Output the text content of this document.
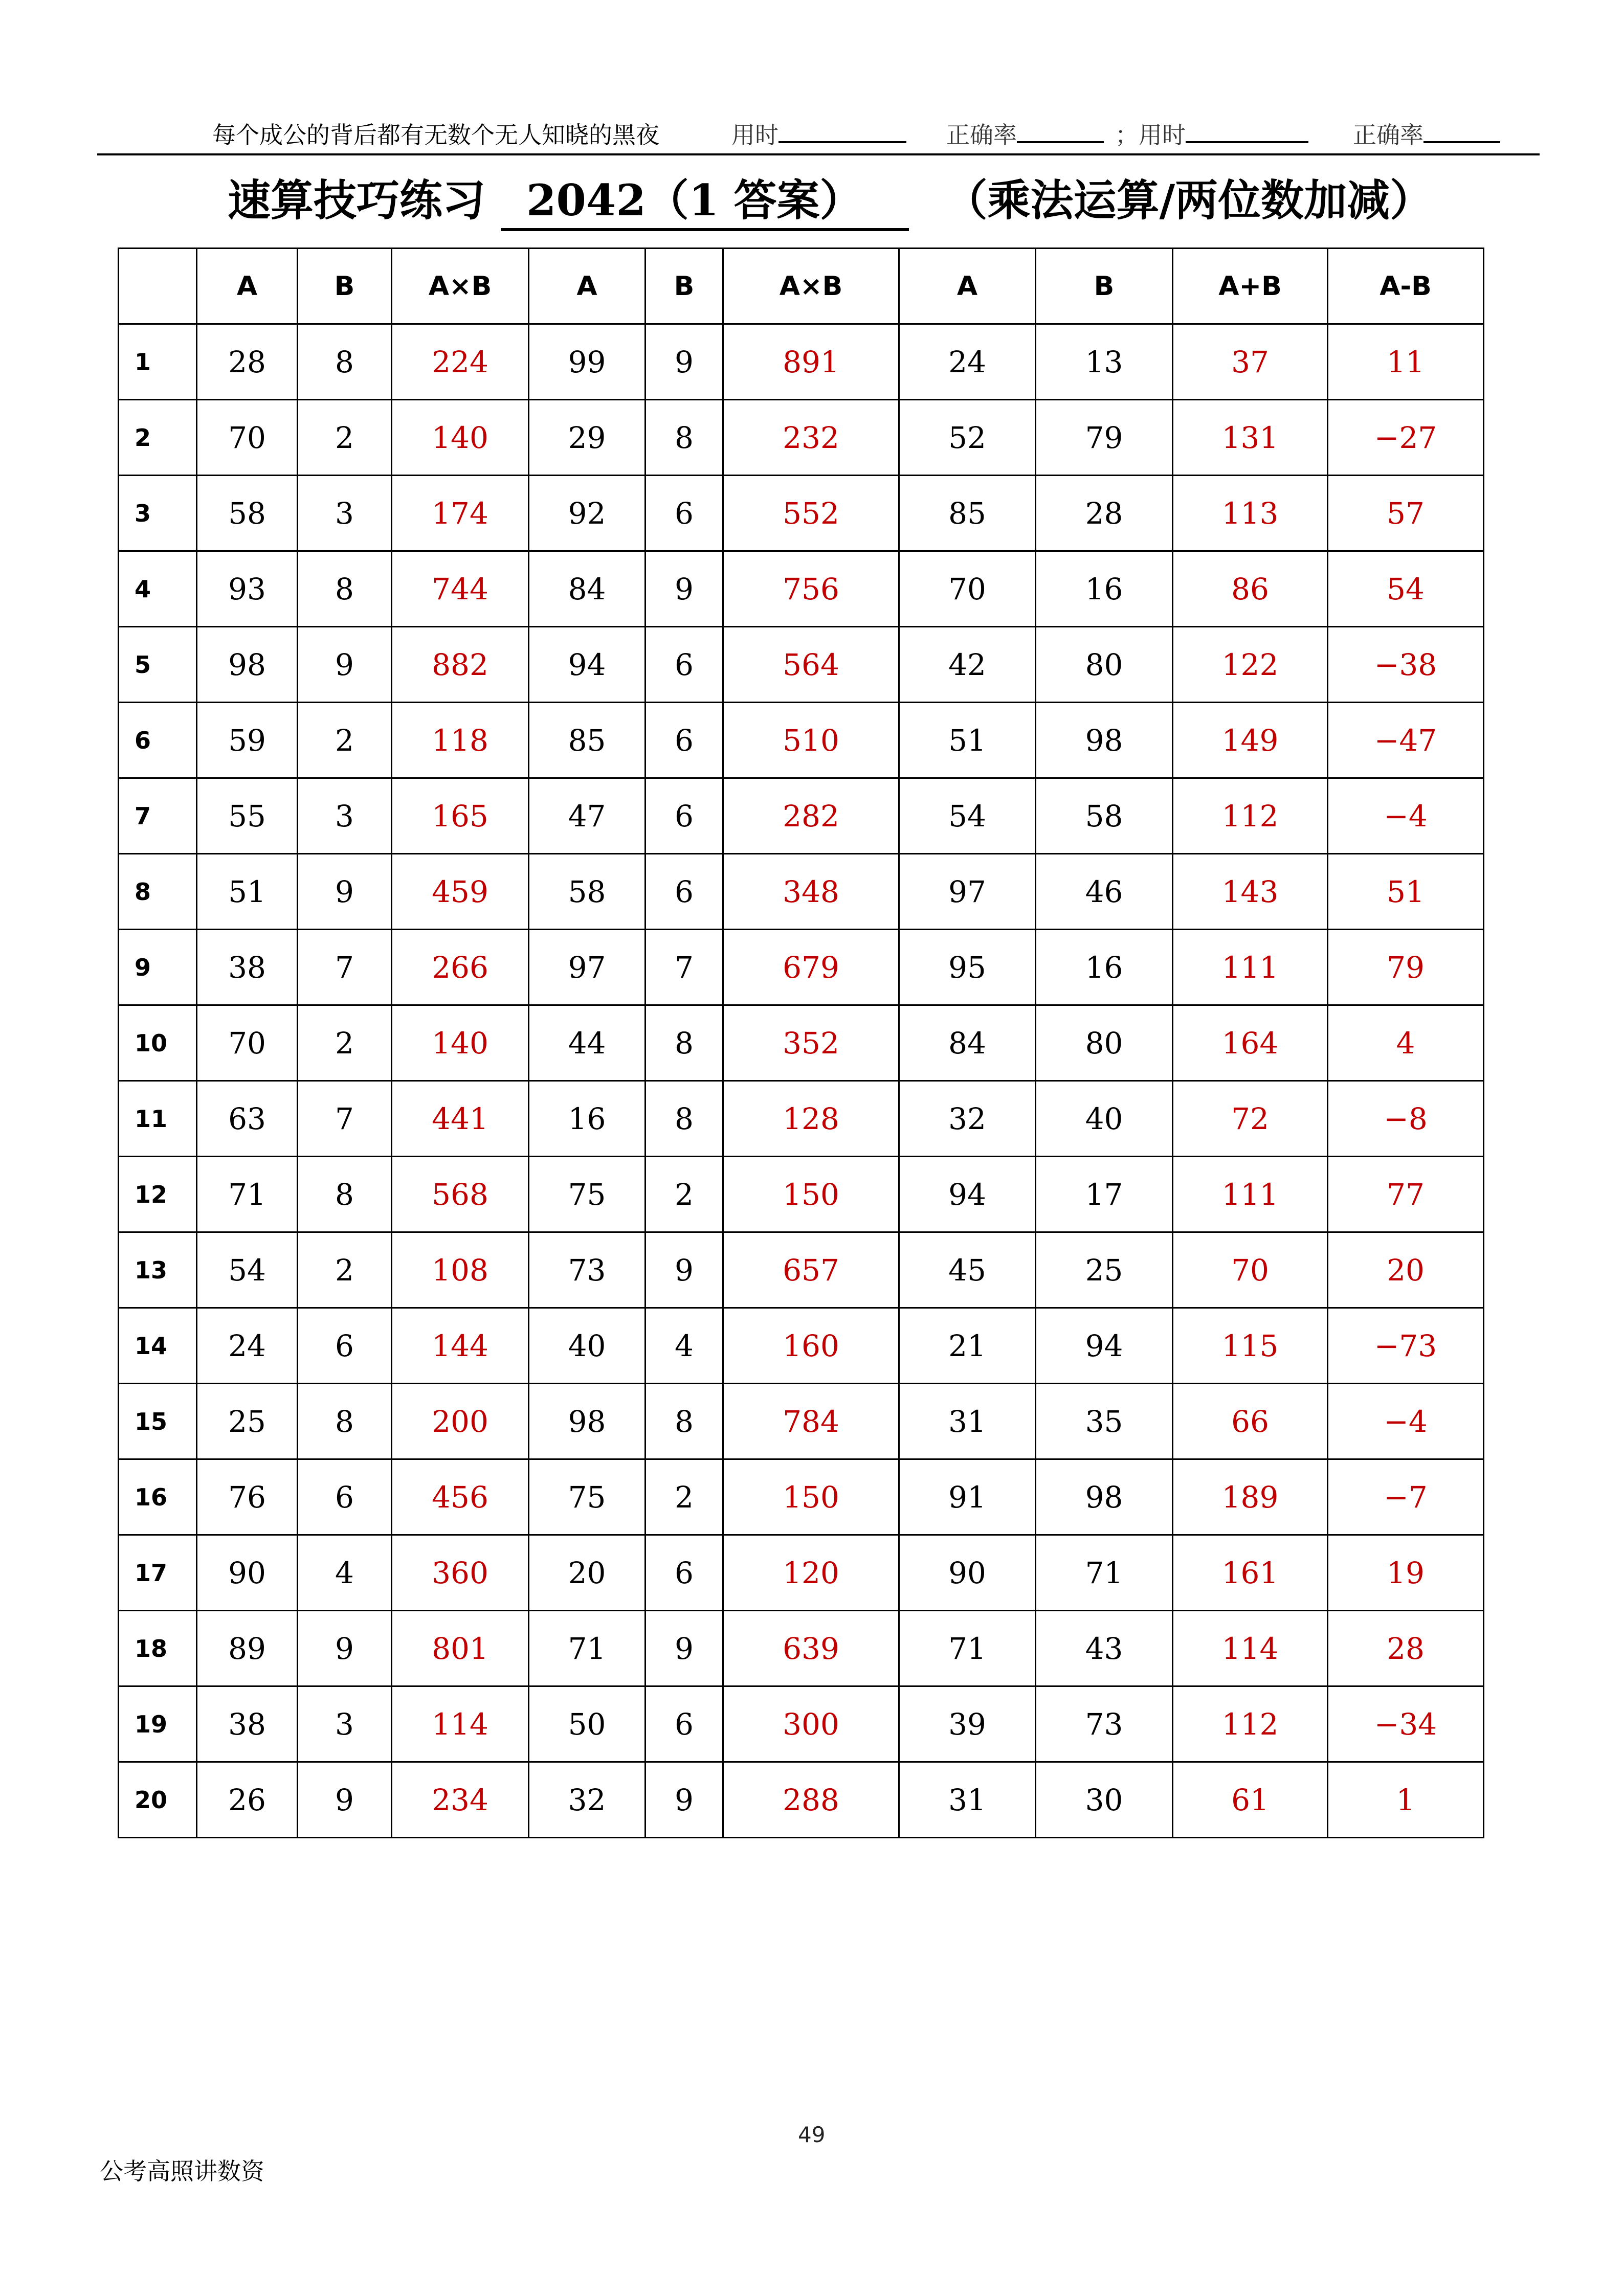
每个成公的背后都有无数个无人知晓的黑夜	用时	正确率	；用时	正确率
速算技巧练习 2042（1 答案） （乘法运算/两位数加减）
	A	B	A×B	A	B	A×B	A	B	A+B	A-B
1	28	8	224	99	9	891	24	13	37	11
2	70	2	140	29	8	232	52	79	131	−27
3	58	3	174	92	6	552	85	28	113	57
4	93	8	744	84	9	756	70	16	86	54
5	98	9	882	94	6	564	42	80	122	−38
6	59	2	118	85	6	510	51	98	149	−47
7	55	3	165	47	6	282	54	58	112	−4
8	51	9	459	58	6	348	97	46	143	51
9	38	7	266	97	7	679	95	16	111	79
10	70	2	140	44	8	352	84	80	164	4
11	63	7	441	16	8	128	32	40	72	−8
12	71	8	568	75	2	150	94	17	111	77
13	54	2	108	73	9	657	45	25	70	20
14	24	6	144	40	4	160	21	94	115	−73
15	25	8	200	98	8	784	31	35	66	−4
16	76	6	456	75	2	150	91	98	189	−7
17	90	4	360	20	6	120	90	71	161	19
18	89	9	801	71	9	639	71	43	114	28
19	38	3	114	50	6	300	39	73	112	−34
20	26	9	234	32	9	288	31	30	61	1
49
公考高照讲数资
